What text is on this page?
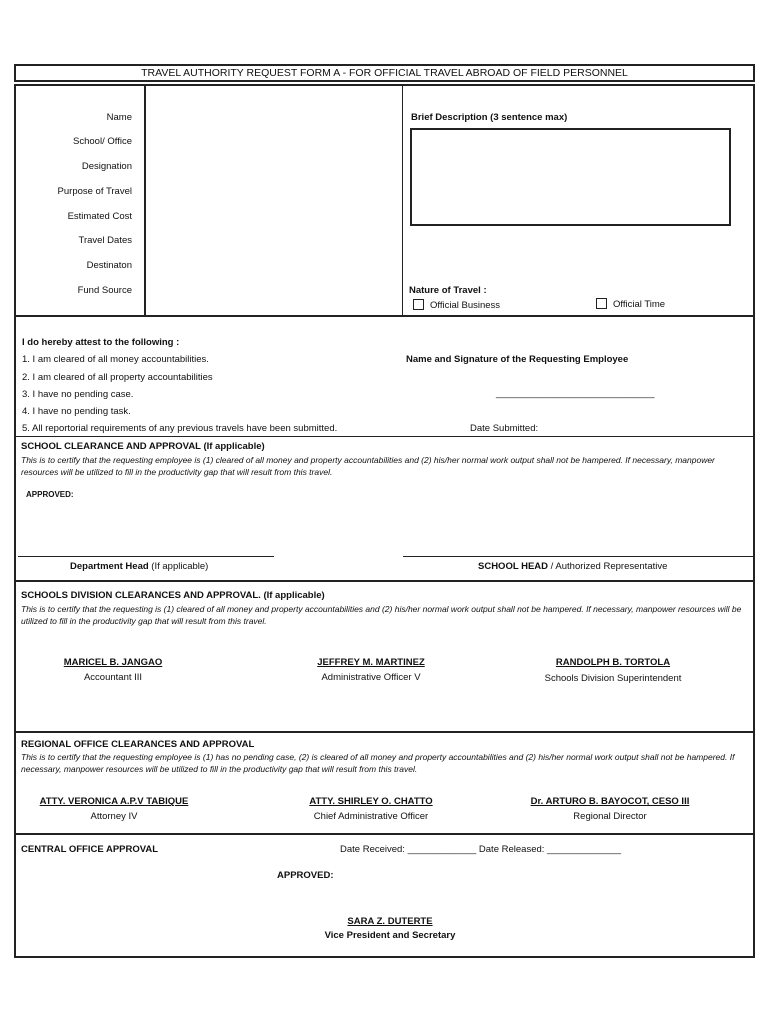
TRAVEL AUTHORITY REQUEST FORM A - FOR OFFICIAL TRAVEL ABROAD OF FIELD PERSONNEL
Name
School/ Office
Designation
Purpose of Travel
Estimated Cost
Travel Dates
Destinaton
Fund Source
Brief Description (3 sentence max)
Nature of Travel :
Official Business	Official Time
I do hereby attest to the following :
1. I am cleared of all money accountabilities.
2. I am cleared of all property accountabilities
3. I have no pending case.
4. I have no pending task.
5. All reportorial requirements of any previous travels have been submitted.
Name and Signature of the Requesting Employee
______________________________
Date Submitted:
SCHOOL CLEARANCE AND APPROVAL (If applicable)
This is to certify that the requesting employee is (1) cleared of all money and property accountabilities and (2) his/her normal work output shall not be hampered. If necessary, manpower resources will be utilized to fill in the productivity gap that will result from this travel.
APPROVED:
Department Head (If applicable)	SCHOOL HEAD / Authorized Representative
SCHOOLS DIVISION CLEARANCES AND APPROVAL. (If applicable)
This is to certify that the requesting is (1) cleared of all money and property accountabilities and (2) his/her normal work output shall not be hampered. If necessary, manpower resources will be utilized to fill in the productivity gap that will result from this travel.
MARICEL B. JANGAO
Accountant III
JEFFREY M. MARTINEZ
Administrative Officer V
RANDOLPH B. TORTOLA
Schools Division Superintendent
REGIONAL OFFICE CLEARANCES AND APPROVAL
This is to certify that the requesting employee is (1) has no pending case, (2) is cleared of all money and property accountabilities and (2) his/her normal work output shall not be hampered. If necessary, manpower resources will be utilized to fill in the productivity gap that will result from this travel.
ATTY. VERONICA A.P.V TABIQUE
Attorney IV
ATTY. SHIRLEY O. CHATTO
Chief Administrative Officer
Dr. ARTURO B. BAYOCOT, CESO III
Regional Director
CENTRAL OFFICE APPROVAL	Date Received: _____________ Date Released: ______________
APPROVED:
SARA Z. DUTERTE
Vice President and Secretary
